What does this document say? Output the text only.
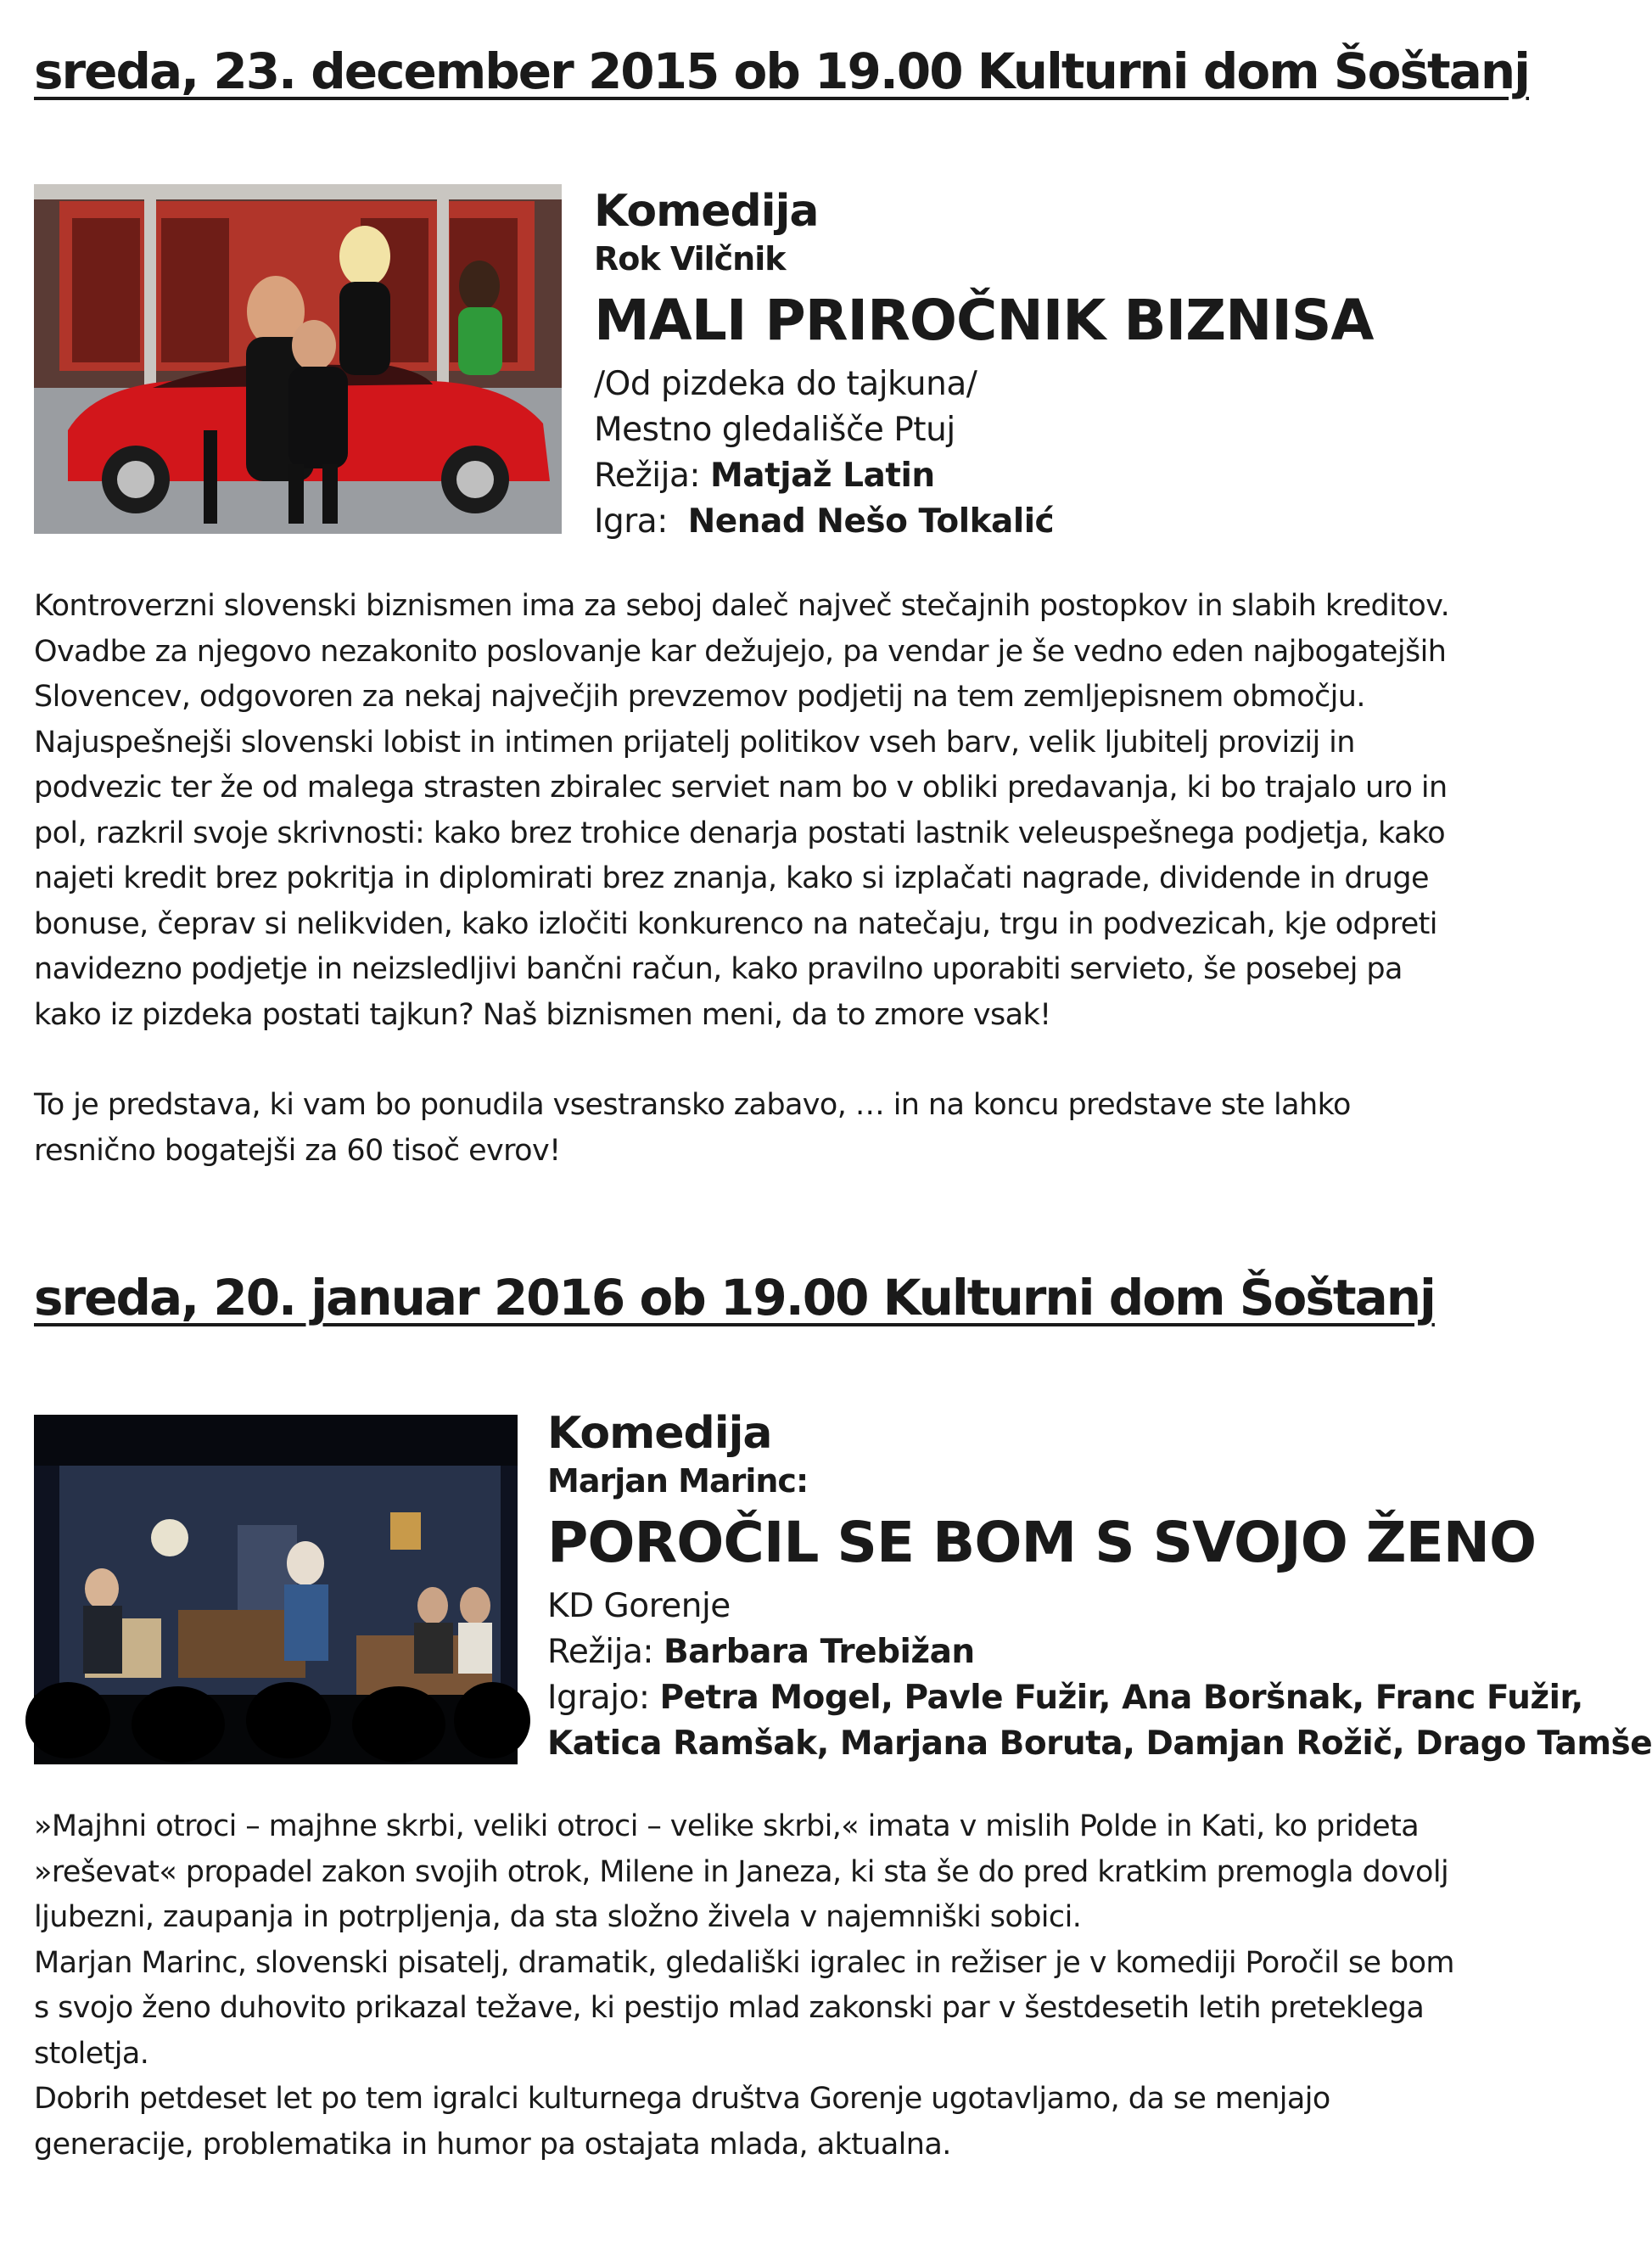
sreda, 23. december 2015 ob 19.00 Kulturni dom Šoštanj
Komedija
Rok Vilčnik
MALI PRIROČNIK BIZNISA
/Od pizdeka do tajkuna/
Mestno gledališče Ptuj
Režija: Matjaž Latin
Igra: Nenad Nešo Tolkalić

Kontroverzni slovenski biznismen ima za seboj daleč največ stečajnih postopkov in slabih kreditov. Ovadbe za njegovo nezakonito poslovanje kar dežujejo, pa vendar je še vedno eden najbogatejših Slovencev, odgovoren za nekaj največjih prevzemov podjetij na tem zemljepisnem območju. Najuspešnejši slovenski lobist in intimen prijatelj politikov vseh barv, velik ljubitelj provizij in podvezic ter že od malega strasten zbiralec serviet nam bo v obliki predavanja, ki bo trajalo uro in pol, razkril svoje skrivnosti: kako brez trohice denarja postati lastnik veleuspešnega podjetja, kako najeti kredit brez pokritja in diplomirati brez znanja, kako si izplačati nagrade, dividende in druge bonuse, čeprav si nelikviden, kako izločiti konkurenco na natečaju, trgu in podvezicah, kje odpreti navidezno podjetje in neizsledljivi bančni račun, kako pravilno uporabiti servieto, še posebej pa kako iz pizdeka postati tajkun? Naš biznismen meni, da to zmore vsak!

To je predstava, ki vam bo ponudila vsestransko zabavo, … in na koncu predstave ste lahko resnično bogatejši za 60 tisoč evrov!

sreda, 20. januar 2016 ob 19.00 Kulturni dom Šoštanj
Komedija
Marjan Marinc:
POROČIL SE BOM S SVOJO ŽENO
KD Gorenje
Režija: Barbara Trebižan
Igrajo: Petra Mogel, Pavle Fužir, Ana Boršnak, Franc Fužir,
Katica Ramšak, Marjana Boruta, Damjan Rožič, Drago Tamše

»Majhni otroci – majhne skrbi, veliki otroci – velike skrbi,« imata v mislih Polde in Kati, ko prideta »reševat« propadel zakon svojih otrok, Milene in Janeza, ki sta še do pred kratkim premogla dovolj ljubezni, zaupanja in potrpljenja, da sta složno živela v najemniški sobici.

Marjan Marinc, slovenski pisatelj, dramatik, gledališki igralec in režiser je v komediji Poročil se bom s svojo ženo duhovito prikazal težave, ki pestijo mlad zakonski par v šestdesetih letih preteklega stoletja.

Dobrih petdeset let po tem igralci kulturnega društva Gorenje ugotavljamo, da se menjajo generacije, problematika in humor pa ostajata mlada, aktualna.
